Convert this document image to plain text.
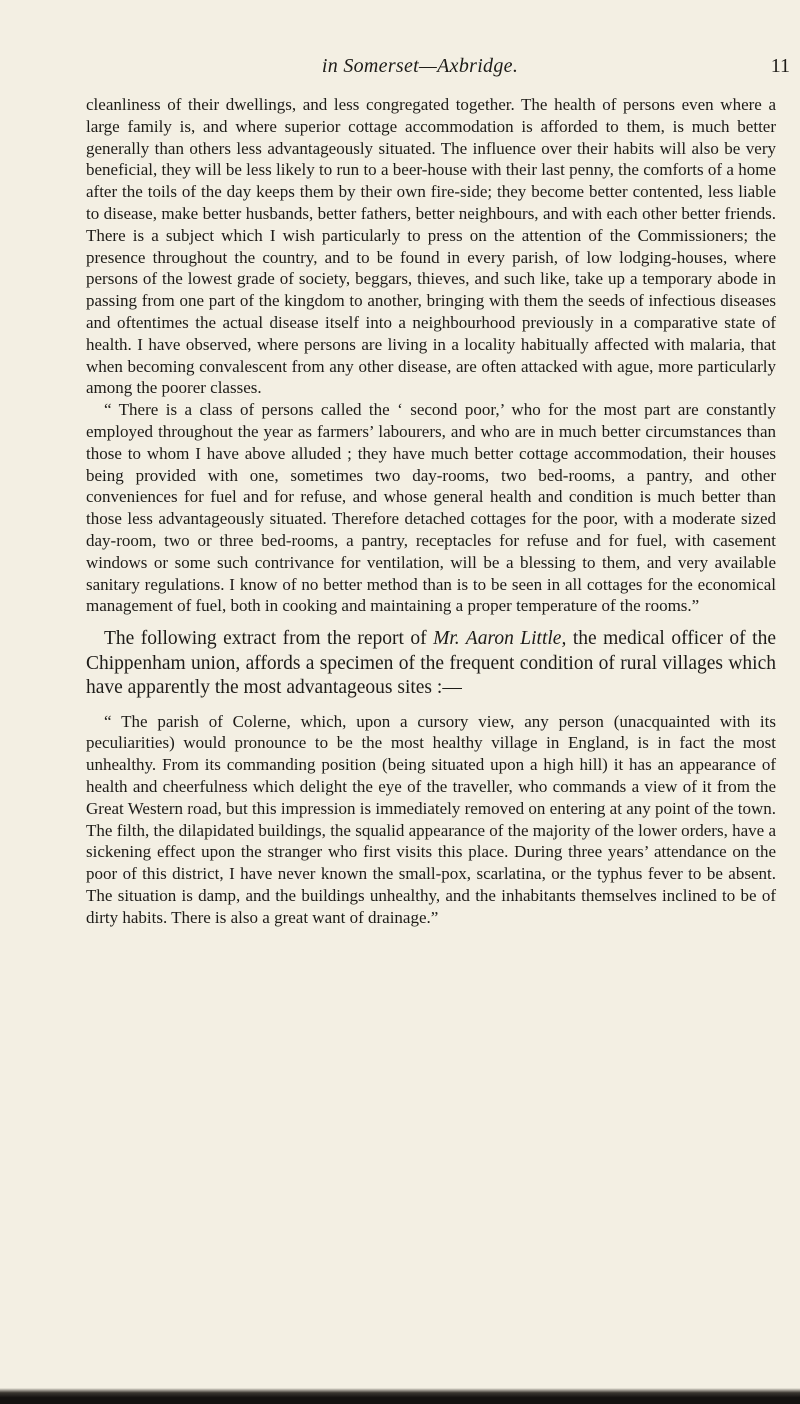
in Somerset—Axbridge.	11

cleanliness of their dwellings, and less congregated together. The health of persons even where a large family is, and where superior cottage accommodation is afforded to them, is much better generally than others less advantageously situated. The influence over their habits will also be very beneficial, they will be less likely to run to a beer-house with their last penny, the comforts of a home after the toils of the day keeps them by their own fire-side; they become better contented, less liable to disease, make better husbands, better fathers, better neighbours, and with each other better friends. There is a subject which I wish particularly to press on the attention of the Commissioners; the presence throughout the country, and to be found in every parish, of low lodging-houses, where persons of the lowest grade of society, beggars, thieves, and such like, take up a temporary abode in passing from one part of the kingdom to another, bringing with them the seeds of infectious diseases and oftentimes the actual disease itself into a neighbourhood previously in a comparative state of health. I have observed, where persons are living in a locality habitually affected with malaria, that when becoming convalescent from any other disease, are often attacked with ague, more particularly among the poorer classes.

“ There is a class of persons called the ‘ second poor,’ who for the most part are constantly employed throughout the year as farmers’ labourers, and who are in much better circumstances than those to whom I have above alluded ; they have much better cottage accommodation, their houses being provided with one, sometimes two day-rooms, two bed-rooms, a pantry, and other conveniences for fuel and for refuse, and whose general health and condition is much better than those less advantageously situated. Therefore detached cottages for the poor, with a moderate sized day-room, two or three bed-rooms, a pantry, receptacles for refuse and for fuel, with casement windows or some such contrivance for ventilation, will be a blessing to them, and very available sanitary regulations. I know of no better method than is to be seen in all cottages for the economical management of fuel, both in cooking and maintaining a proper temperature of the rooms.”

The following extract from the report of Mr. Aaron Little, the medical officer of the Chippenham union, affords a specimen of the frequent condition of rural villages which have apparently the most advantageous sites :—

“ The parish of Colerne, which, upon a cursory view, any person (unacquainted with its peculiarities) would pronounce to be the most healthy village in England, is in fact the most unhealthy. From its commanding position (being situated upon a high hill) it has an appearance of health and cheerfulness which delight the eye of the traveller, who commands a view of it from the Great Western road, but this impression is immediately removed on entering at any point of the town. The filth, the dilapidated buildings, the squalid appearance of the majority of the lower orders, have a sickening effect upon the stranger who first visits this place. During three years’ attendance on the poor of this district, I have never known the small-pox, scarlatina, or the typhus fever to be absent. The situation is damp, and the buildings unhealthy, and the inhabitants themselves inclined to be of dirty habits. There is also a great want of drainage.”
